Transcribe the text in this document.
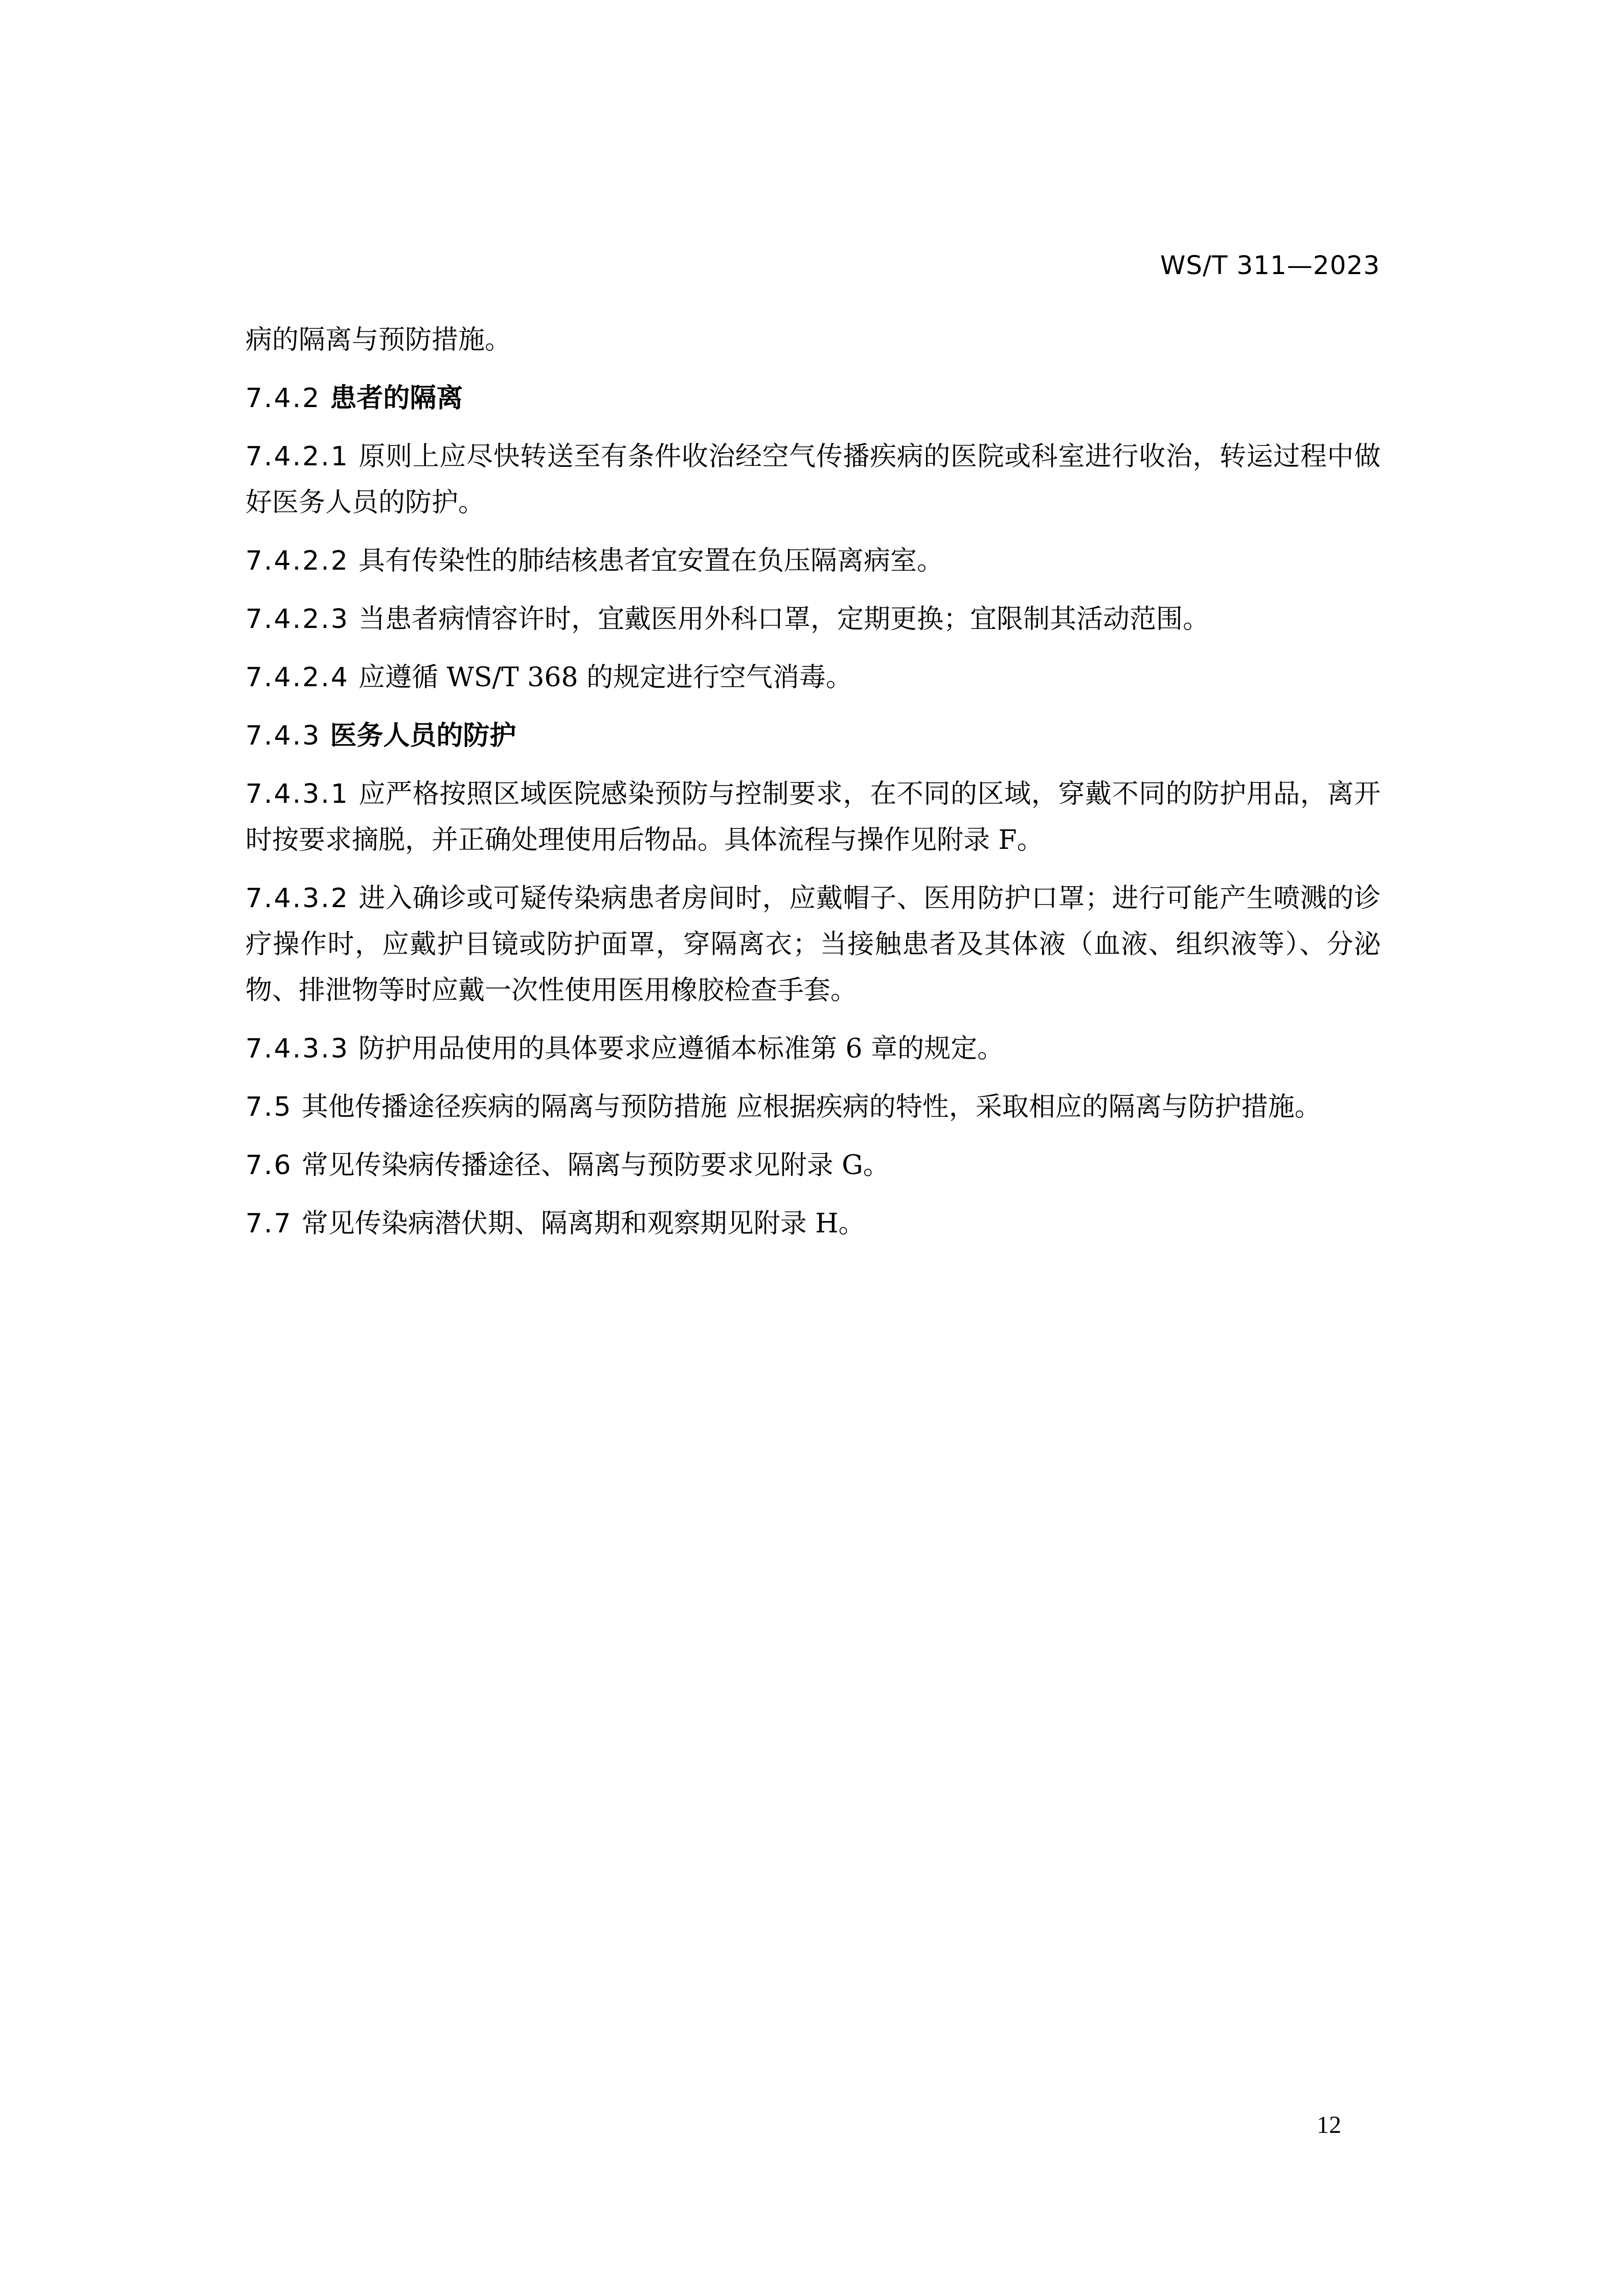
WS/T 311—2023

病的隔离与预防措施。

7.4.2 患者的隔离

7.4.2.1 原则上应尽快转送至有条件收治经空气传播疾病的医院或科室进行收治，转运过程中做好医务人员的防护。

7.4.2.2 具有传染性的肺结核患者宜安置在负压隔离病室。

7.4.2.3 当患者病情容许时，宜戴医用外科口罩，定期更换；宜限制其活动范围。

7.4.2.4 应遵循 WS/T 368 的规定进行空气消毒。

7.4.3 医务人员的防护

7.4.3.1 应严格按照区域医院感染预防与控制要求，在不同的区域，穿戴不同的防护用品，离开时按要求摘脱，并正确处理使用后物品。具体流程与操作见附录 F。

7.4.3.2 进入确诊或可疑传染病患者房间时，应戴帽子、医用防护口罩；进行可能产生喷溅的诊疗操作时，应戴护目镜或防护面罩，穿隔离衣；当接触患者及其体液（血液、组织液等）、分泌物、排泄物等时应戴一次性使用医用橡胶检查手套。

7.4.3.3 防护用品使用的具体要求应遵循本标准第 6 章的规定。

7.5 其他传播途径疾病的隔离与预防措施 应根据疾病的特性，采取相应的隔离与防护措施。

7.6 常见传染病传播途径、隔离与预防要求见附录 G。

7.7 常见传染病潜伏期、隔离期和观察期见附录 H。

12
